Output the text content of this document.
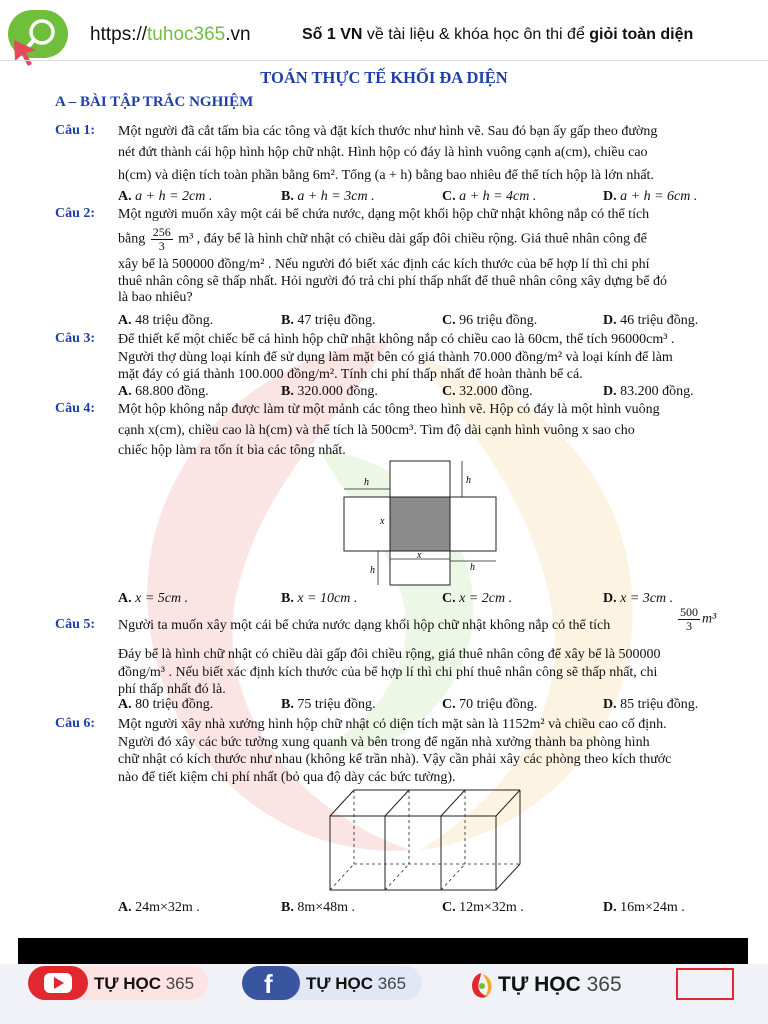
https://tuhoc365.vn	Số 1 VN về tài liệu & khóa học ôn thi để giỏi toàn diện
TOÁN THỰC TẾ KHỐI ĐA DIỆN
A – BÀI TẬP TRẮC NGHIỆM
Câu 1: Một người đã cắt tấm bìa các tông và đặt kích thước như hình vẽ. Sau đó bạn ấy gấp theo đường
nét đứt thành cái hộp hình hộp chữ nhật. Hình hộp có đáy là hình vuông cạnh a(cm), chiều cao
h(cm) và diện tích toàn phần bằng 6m². Tổng (a + h) bằng bao nhiêu để thể tích hộp là lớn nhất.
A. a + h = 2cm .	B. a + h = 3cm .	C. a + h = 4cm .	D. a + h = 6cm .
Câu 2: Một người muốn xây một cái bể chứa nước, dạng một khối hộp chữ nhật không nắp có thể tích
bằng $\frac{256}{3} m^3$ , đáy bể là hình chữ nhật có chiều dài gấp đôi chiều rộng. Giá thuê nhân công để
xây bể là 500000 đồng/m² . Nếu người đó biết xác định các kích thước của bể hợp lí thì chi phí
thuê nhân công sẽ thấp nhất. Hỏi người đó trả chi phí thấp nhất để thuê nhân công xây dựng bể đó
là bao nhiêu?
A. 48 triệu đồng.	B. 47 triệu đồng.	C. 96 triệu đồng.	D. 46 triệu đồng.
Câu 3: Để thiết kế một chiếc bể cá hình hộp chữ nhật không nắp có chiều cao là 60cm, thể tích 96000cm³ .
Người thợ dùng loại kính để sử dụng làm mặt bên có giá thành 70.000 đồng/m² và loại kính để làm
mặt đáy có giá thành 100.000 đồng/m². Tính chi phí thấp nhất để hoàn thành bể cá.
A. 68.800 đồng.	B. 320.000 đồng.	C. 32.000 đồng.	D. 83.200 đồng.
Câu 4: Một hộp không nắp được làm từ một mảnh các tông theo hình vẽ. Hộp có đáy là một hình vuông
cạnh x(cm), chiều cao là h(cm) và thể tích là 500cm³. Tìm độ dài cạnh hình vuông x sao cho
chiếc hộp làm ra tốn ít bìa các tông nhất.
h
h
x
x
h	h
A. x = 5cm .	B. x = 10cm .	C. x = 2cm .	D. x = 3cm .
Câu 5: Người ta muốn xây một cái bể chứa nước dạng khối hộp chữ nhật không nắp có thể tích	$\frac{500}{3} m^3$
Đáy bể là hình chữ nhật có chiều dài gấp đôi chiều rộng, giá thuê nhân công để xây bể là 500000
đồng/m³ . Nếu biết xác định kích thước của bể hợp lí thì chi phí thuê nhân công sẽ thấp nhất, chi
phí thấp nhất đó là.
A. 80 triệu đồng.	B. 75 triệu đồng.	C. 70 triệu đồng.	D. 85 triệu đồng.
Câu 6: Một người xây nhà xưởng hình hộp chữ nhật có diện tích mặt sàn là 1152m² và chiều cao cố định.
Người đó xây các bức tường xung quanh và bên trong để ngăn nhà xưởng thành ba phòng hình
chữ nhật có kích thước như nhau (không kể trần nhà). Vậy cần phải xây các phòng theo kích thước
nào để tiết kiệm chi phí nhất (bỏ qua độ dày các bức tường).
A. 24m×32m .	B. 8m×48m .	C. 12m×32m .	D. 16m×24m .
TỰ HỌC 365	f TỰ HỌC 365	TỰ HỌC 365
